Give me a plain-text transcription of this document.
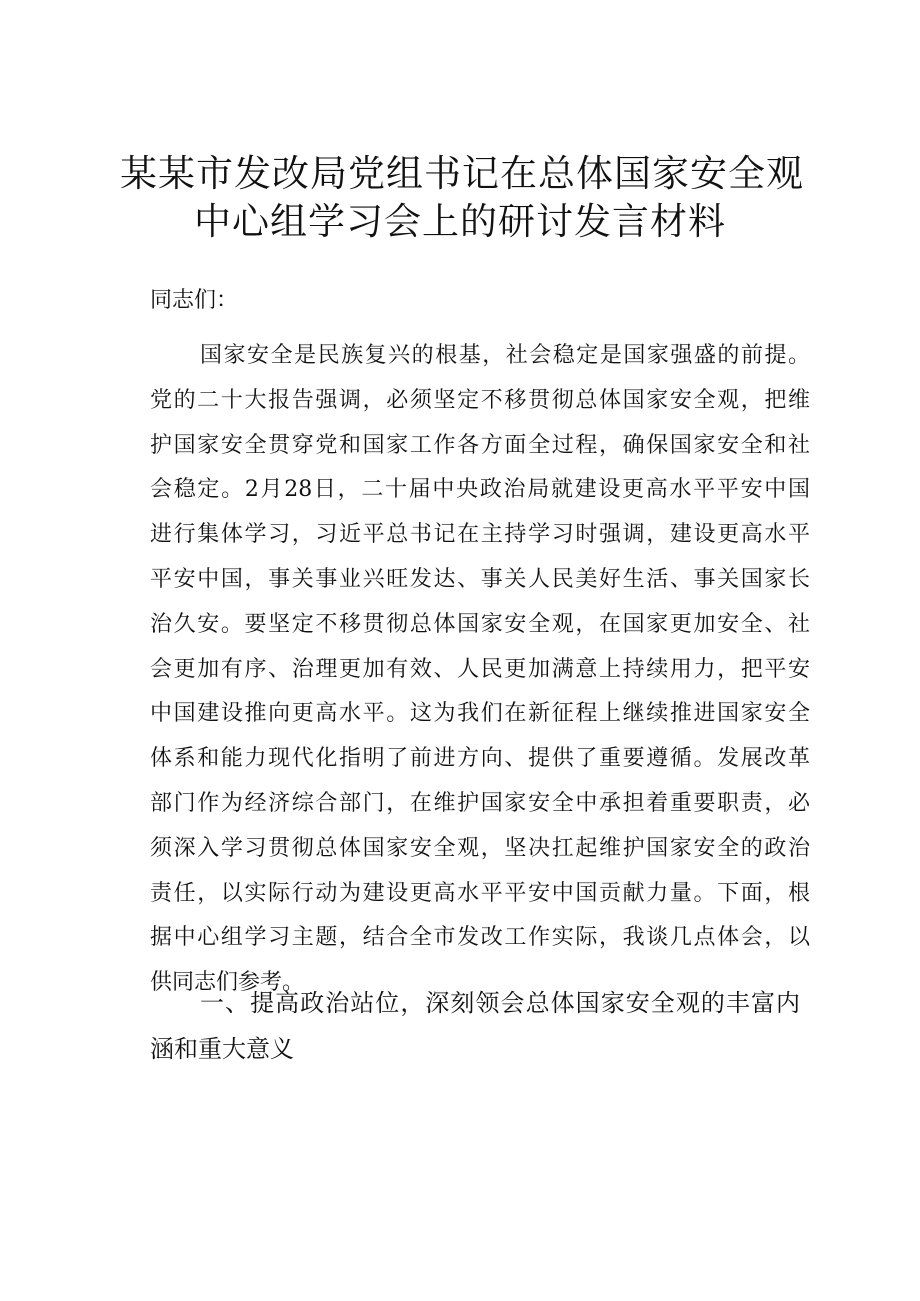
某某市发改局党组书记在总体国家安全观
中心组学习会上的研讨发言材料
同志们：
国家安全是民族复兴的根基，社会稳定是国家强盛的前提。
党的二十大报告强调，必须坚定不移贯彻总体国家安全观，把维
护国家安全贯穿党和国家工作各方面全过程，确保国家安全和社
会稳定。2月28日，二十届中央政治局就建设更高水平平安中国
进行集体学习，习近平总书记在主持学习时强调，建设更高水平
平安中国，事关事业兴旺发达、事关人民美好生活、事关国家长
治久安。要坚定不移贯彻总体国家安全观，在国家更加安全、社
会更加有序、治理更加有效、人民更加满意上持续用力，把平安
中国建设推向更高水平。这为我们在新征程上继续推进国家安全
体系和能力现代化指明了前进方向、提供了重要遵循。发展改革
部门作为经济综合部门，在维护国家安全中承担着重要职责，必
须深入学习贯彻总体国家安全观，坚决扛起维护国家安全的政治
责任，以实际行动为建设更高水平平安中国贡献力量。下面，根
据中心组学习主题，结合全市发改工作实际，我谈几点体会，以
供同志们参考。
一、提高政治站位，深刻领会总体国家安全观的丰富内
涵和重大意义
